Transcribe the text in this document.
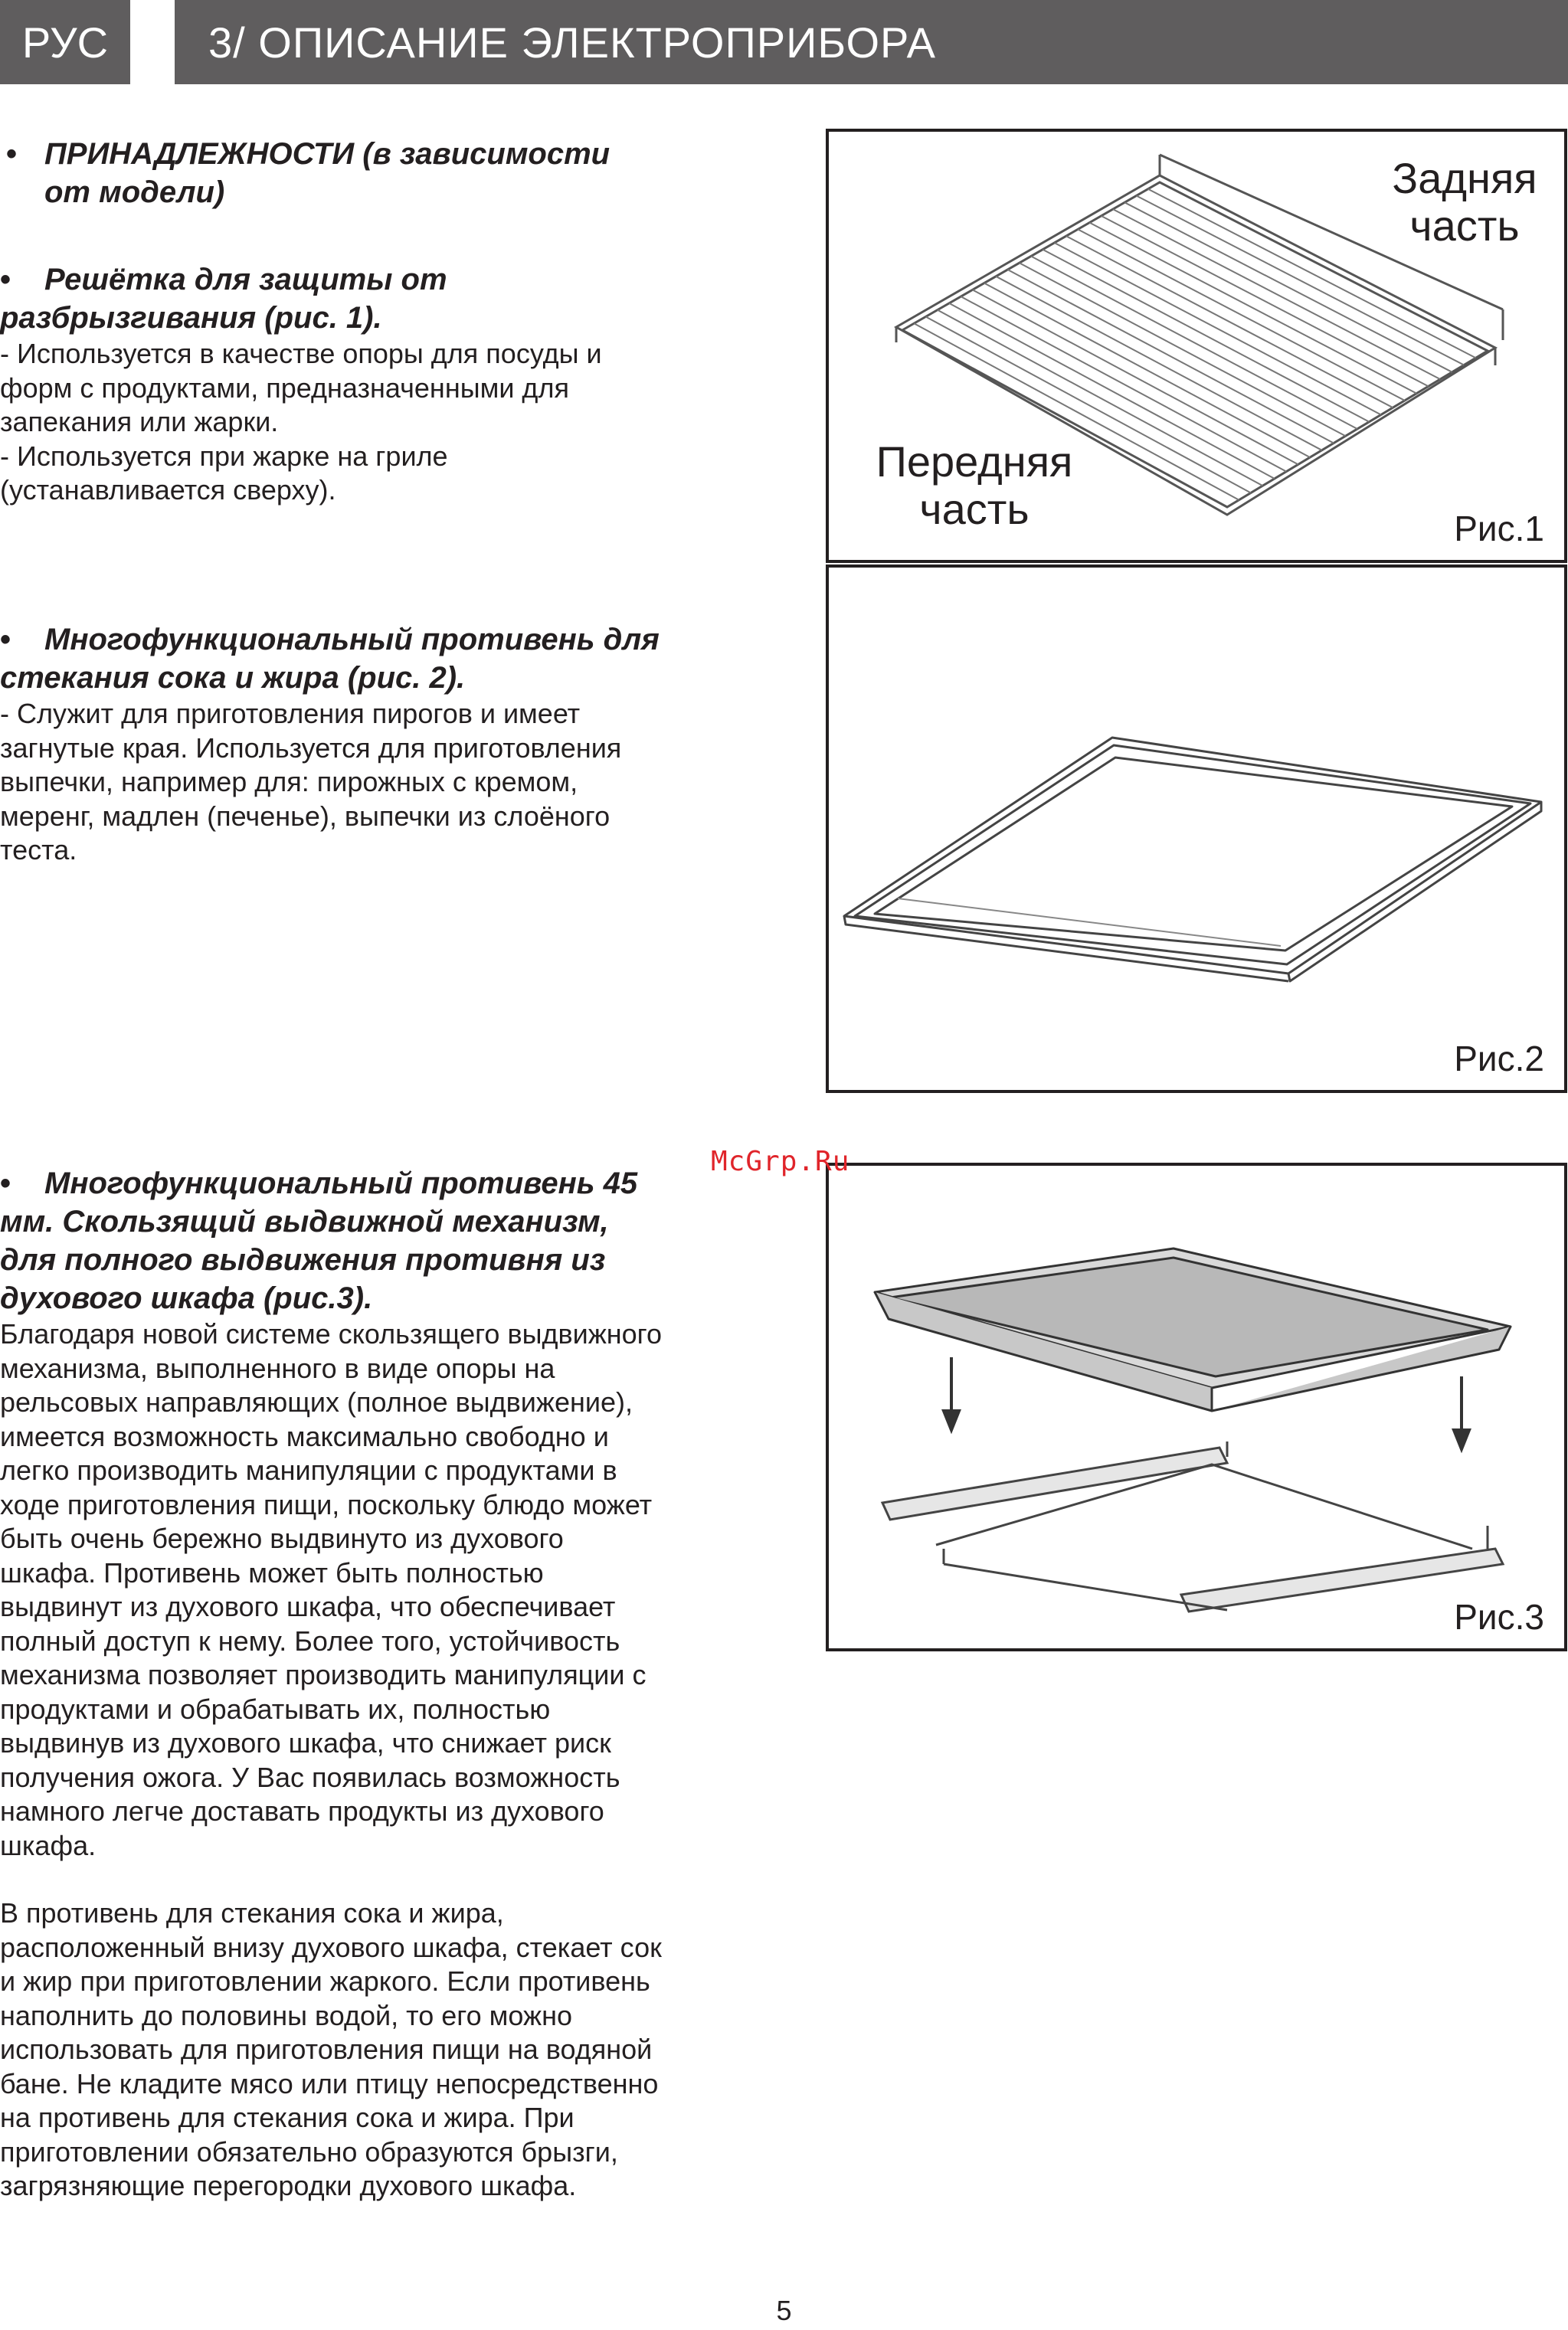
РУС 3/ ОПИСАНИЕ ЭЛЕКТРОПРИБОРА

• ПРИНАДЛЕЖНОСТИ (в зависимости

от модели)

• Решётка для защиты от

разбрызгивания (рис. 1).

- Используется в качестве опоры для посуды и

форм с продуктами, предназначенными для

запекания или жарки.

- Используется при жарке на гриле

(устанавливается сверху).

• Многофункциональный противень для

стекания сока и жира (рис. 2).

- Служит для приготовления пирогов и имеет

загнутые края. Используется для приготовления

выпечки, например для: пирожных с кремом,

меренг, мадлен (печенье), выпечки из слоёного

теста.

• Многофункциональный противень 45

мм. Скользящий выдвижной механизм,

для полного выдвижения противня из

духового шкафа (рис.3).

Благодаря новой системе скользящего выдвижного

механизма, выполненного в виде опоры на

рельсовых направляющих (полное выдвижение),

имеется возможность максимально свободно и

легко производить манипуляции с продуктами в

ходе приготовления пищи, поскольку блюдо может

быть очень бережно выдвинуто из духового

шкафа. Противень может быть полностью

выдвинут из духового шкафа, что обеспечивает

полный доступ к нему. Более того, устойчивость

механизма позволяет производить манипуляции с

продуктами и обрабатывать их, полностью

выдвинув из духового шкафа, что снижает риск

получения ожога. У Вас появилась возможность

намного легче доставать продукты из духового

шкафа.

В противень для стекания сока и жира,

расположенный внизу духового шкафа, стекает сок

и жир при приготовлении жаркого. Если противень

наполнить до половины водой, то его можно

использовать для приготовления пищи на водяной

бане. Не кладите мясо или птицу непосредственно

на противень для стекания сока и жира. При

приготовлении обязательно образуются брызги,

загрязняющие перегородки духового шкафа.

Задняя
часть
Передняя
часть	Рис.1
Рис.2
Рис.3
McGrp.Ru
5
